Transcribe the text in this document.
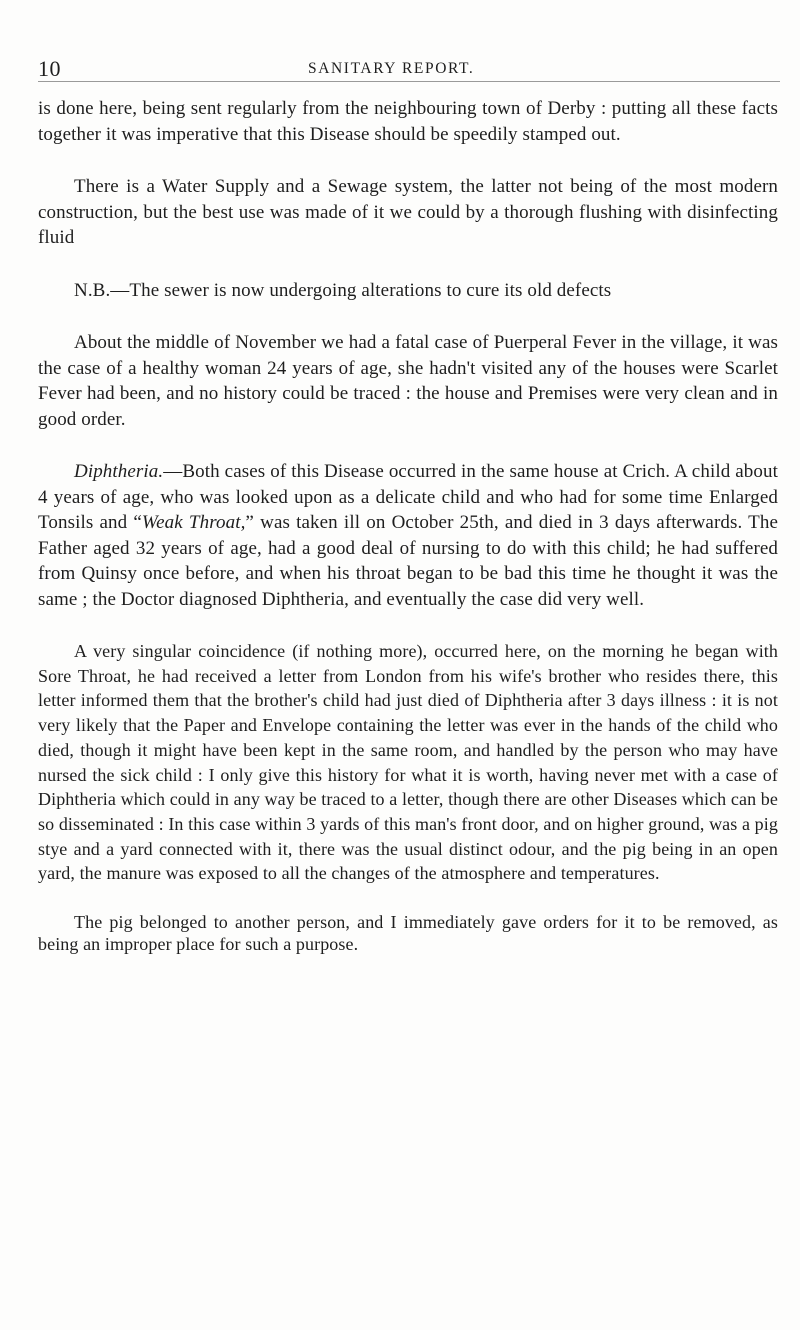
10	SANITARY REPORT.

is done here, being sent regularly from the neighbouring town of Derby : putting all these facts together it was imperative that this Disease should be speedily stamped out.

There is a Water Supply and a Sewage system, the latter not being of the most modern construction, but the best use was made of it we could by a thorough flushing with disinfecting fluid

N.B.—The sewer is now undergoing alterations to cure its old defects

About the middle of November we had a fatal case of Puerperal Fever in the village, it was the case of a healthy woman 24 years of age, she hadn't visited any of the houses were Scarlet Fever had been, and no history could be traced : the house and Premises were very clean and in good order.

Diphtheria.—Both cases of this Disease occurred in the same house at Crich. A child about 4 years of age, who was looked upon as a delicate child and who had for some time Enlarged Tonsils and “Weak Throat,” was taken ill on October 25th, and died in 3 days afterwards. The Father aged 32 years of age, had a good deal of nursing to do with this child; he had suffered from Quinsy once before, and when his throat began to be bad this time he thought it was the same ; the Doctor diagnosed Diphtheria, and eventually the case did very well.

A very singular coincidence (if nothing more), occurred here, on the morning he began with Sore Throat, he had received a letter from London from his wife's brother who resides there, this letter informed them that the brother's child had just died of Diphtheria after 3 days illness : it is not very likely that the Paper and Envelope containing the letter was ever in the hands of the child who died, though it might have been kept in the same room, and handled by the person who may have nursed the sick child : I only give this history for what it is worth, having never met with a case of Diphtheria which could in any way be traced to a letter, though there are other Diseases which can be so disseminated : In this case within 3 yards of this man's front door, and on higher ground, was a pig stye and a yard connected with it, there was the usual distinct odour, and the pig being in an open yard, the manure was exposed to all the changes of the atmosphere and temperatures.

The pig belonged to another person, and I immediately gave orders for it to be removed, as being an improper place for such a purpose.
